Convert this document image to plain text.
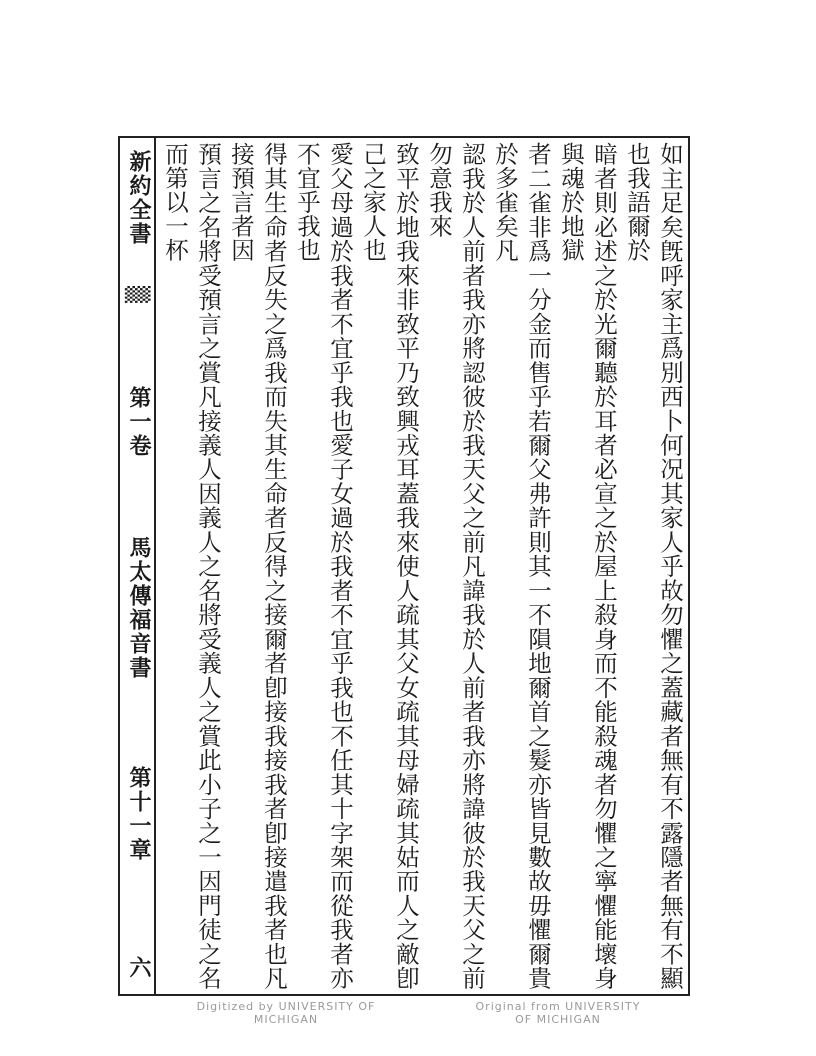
新約全書
▒
第一卷
馬太傳福音書
第十一章
六	如主足矣旣呼家主爲別西卜何况其家人乎故勿懼之蓋藏者無有不露隱者無有不顯也我語爾於

暗者則必述之於光爾聽於耳者必宣之於屋上殺身而不能殺魂者勿懼之寧懼能壞身與魂於地獄

者二雀非爲一分金而售乎若爾父弗許則其一不隕地爾首之髮亦皆見數故毋懼爾貴於多雀矣凡

認我於人前者我亦將認彼於我天父之前凡諱我於人前者我亦將諱彼於我天父之前勿意我來

致平於地我來非致平乃致興戎耳蓋我來使人疏其父女疏其母婦疏其姑而人之敵卽己之家人也

愛父母過於我者不宜乎我也愛子女過於我者不宜乎我也不任其十字架而從我者亦不宜乎我也

得其生命者反失之爲我而失其生命者反得之接爾者卽接我接我者卽接遣我者也凡接預言者因

預言之名將受預言之賞凡接義人因義人之名將受義人之賞此小子之一因門徒之名而第以一杯

Digitized by UNIVERSITY OF MICHIGAN
Original from UNIVERSITY OF MICHIGAN
